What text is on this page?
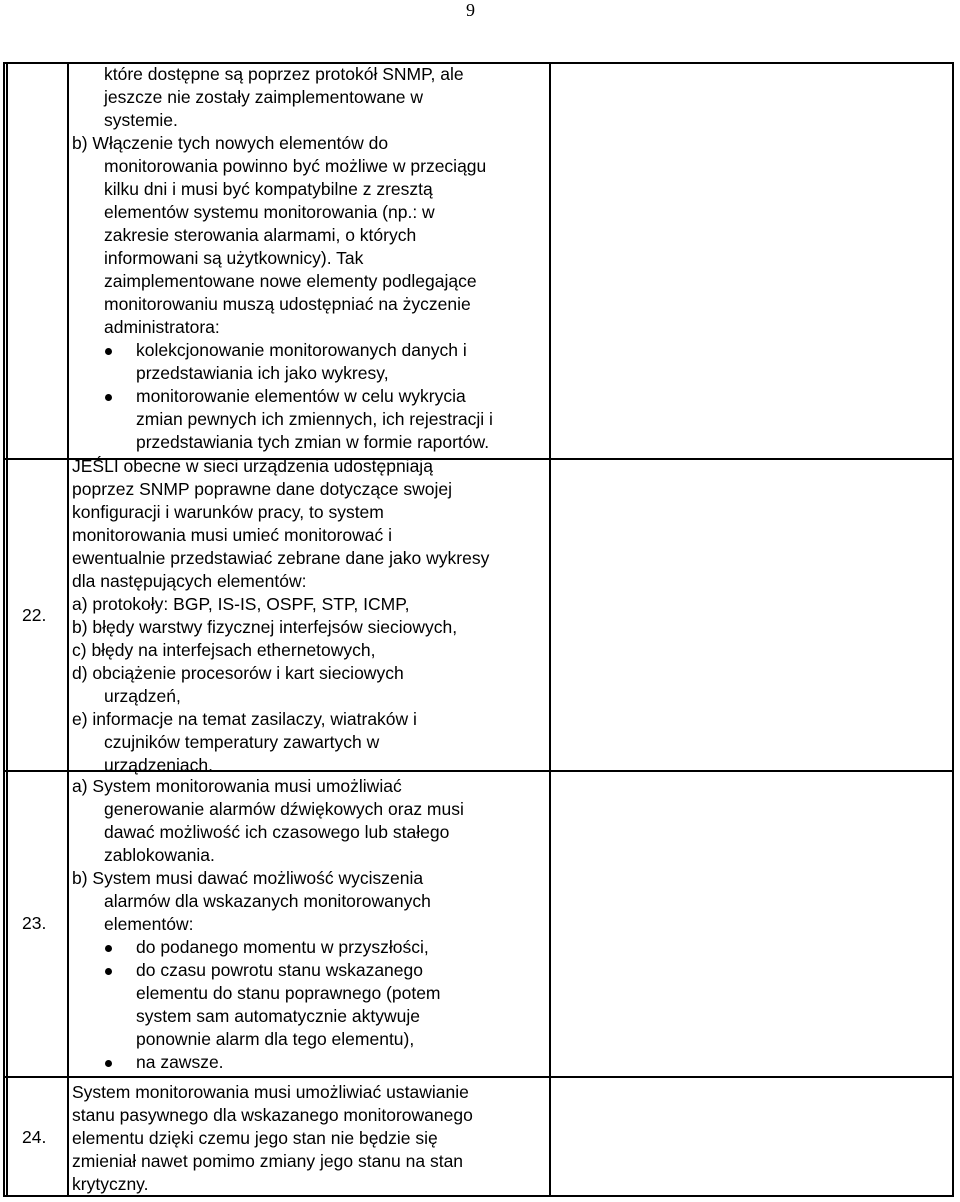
9
które dostępne są poprzez protokół SNMP, ale
jeszcze nie zostały zaimplementowane w
systemie.
b) Włączenie tych nowych elementów do
monitorowania powinno być możliwe w przeciągu
kilku dni i musi być kompatybilne z zresztą
elementów systemu monitorowania (np.: w
zakresie sterowania alarmami, o których
informowani są użytkownicy). Tak
zaimplementowane nowe elementy podlegające
monitorowaniu muszą udostępniać na życzenie
administratora:
kolekcjonowanie monitorowanych danych i
przedstawiania ich jako wykresy,
monitorowanie elementów w celu wykrycia
zmian pewnych ich zmiennych, ich rejestracji i
przedstawiania tych zmian w formie raportów.
22.
JEŚLI obecne w sieci urządzenia udostępniają
poprzez SNMP poprawne dane dotyczące swojej
konfiguracji i warunków pracy, to system
monitorowania musi umieć monitorować i
ewentualnie przedstawiać zebrane dane jako wykresy
dla następujących elementów:
a) protokoły: BGP, IS-IS, OSPF, STP, ICMP,
b) błędy warstwy fizycznej interfejsów sieciowych,
c) błędy na interfejsach ethernetowych,
d) obciążenie procesorów i kart sieciowych
urządzeń,
e) informacje na temat zasilaczy, wiatraków i
czujników temperatury zawartych w
urządzeniach.
23.
a) System monitorowania musi umożliwiać
generowanie alarmów dźwiękowych oraz musi
dawać możliwość ich czasowego lub stałego
zablokowania.
b) System musi dawać możliwość wyciszenia
alarmów dla wskazanych monitorowanych
elementów:
do podanego momentu w przyszłości,
do czasu powrotu stanu wskazanego
elementu do stanu poprawnego (potem
system sam automatycznie aktywuje
ponownie alarm dla tego elementu),
na zawsze.
24.
System monitorowania musi umożliwiać ustawianie
stanu pasywnego dla wskazanego monitorowanego
elementu dzięki czemu jego stan nie będzie się
zmieniał nawet pomimo zmiany jego stanu na stan
krytyczny.
